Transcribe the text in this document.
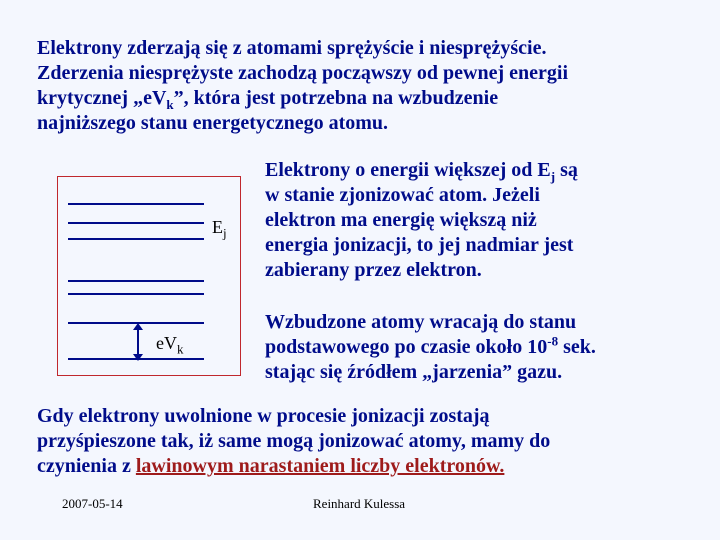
Elektrony zderzają się z atomami sprężyście i niesprężyście.
Zderzenia niesprężyste zachodzą począwszy od pewnej energii
krytycznej $„eV_k$”, która jest potrzebna na wzbudzenie
najniższego stanu energetycznego atomu.
Elektrony o energii większej od $E_j$ są
w stanie zjonizować atom. Jeżeli
elektron ma energię większą niż
energia jonizacji, to jej nadmiar jest
zabierany przez elektron.
Wzbudzone atomy wracają do stanu
podstawowego po czasie około $10^{-8}$ sek.
stając się źródłem „jarzenia” gazu.
Gdy elektrony uwolnione w procesie jonizacji zostają
przyśpieszone tak, iż same mogą jonizować atomy, mamy do
czynienia z lawinowym narastaniem liczby elektronów.
$E_j$
$eV_k$
2007-05-14	Reinhard Kulessa
